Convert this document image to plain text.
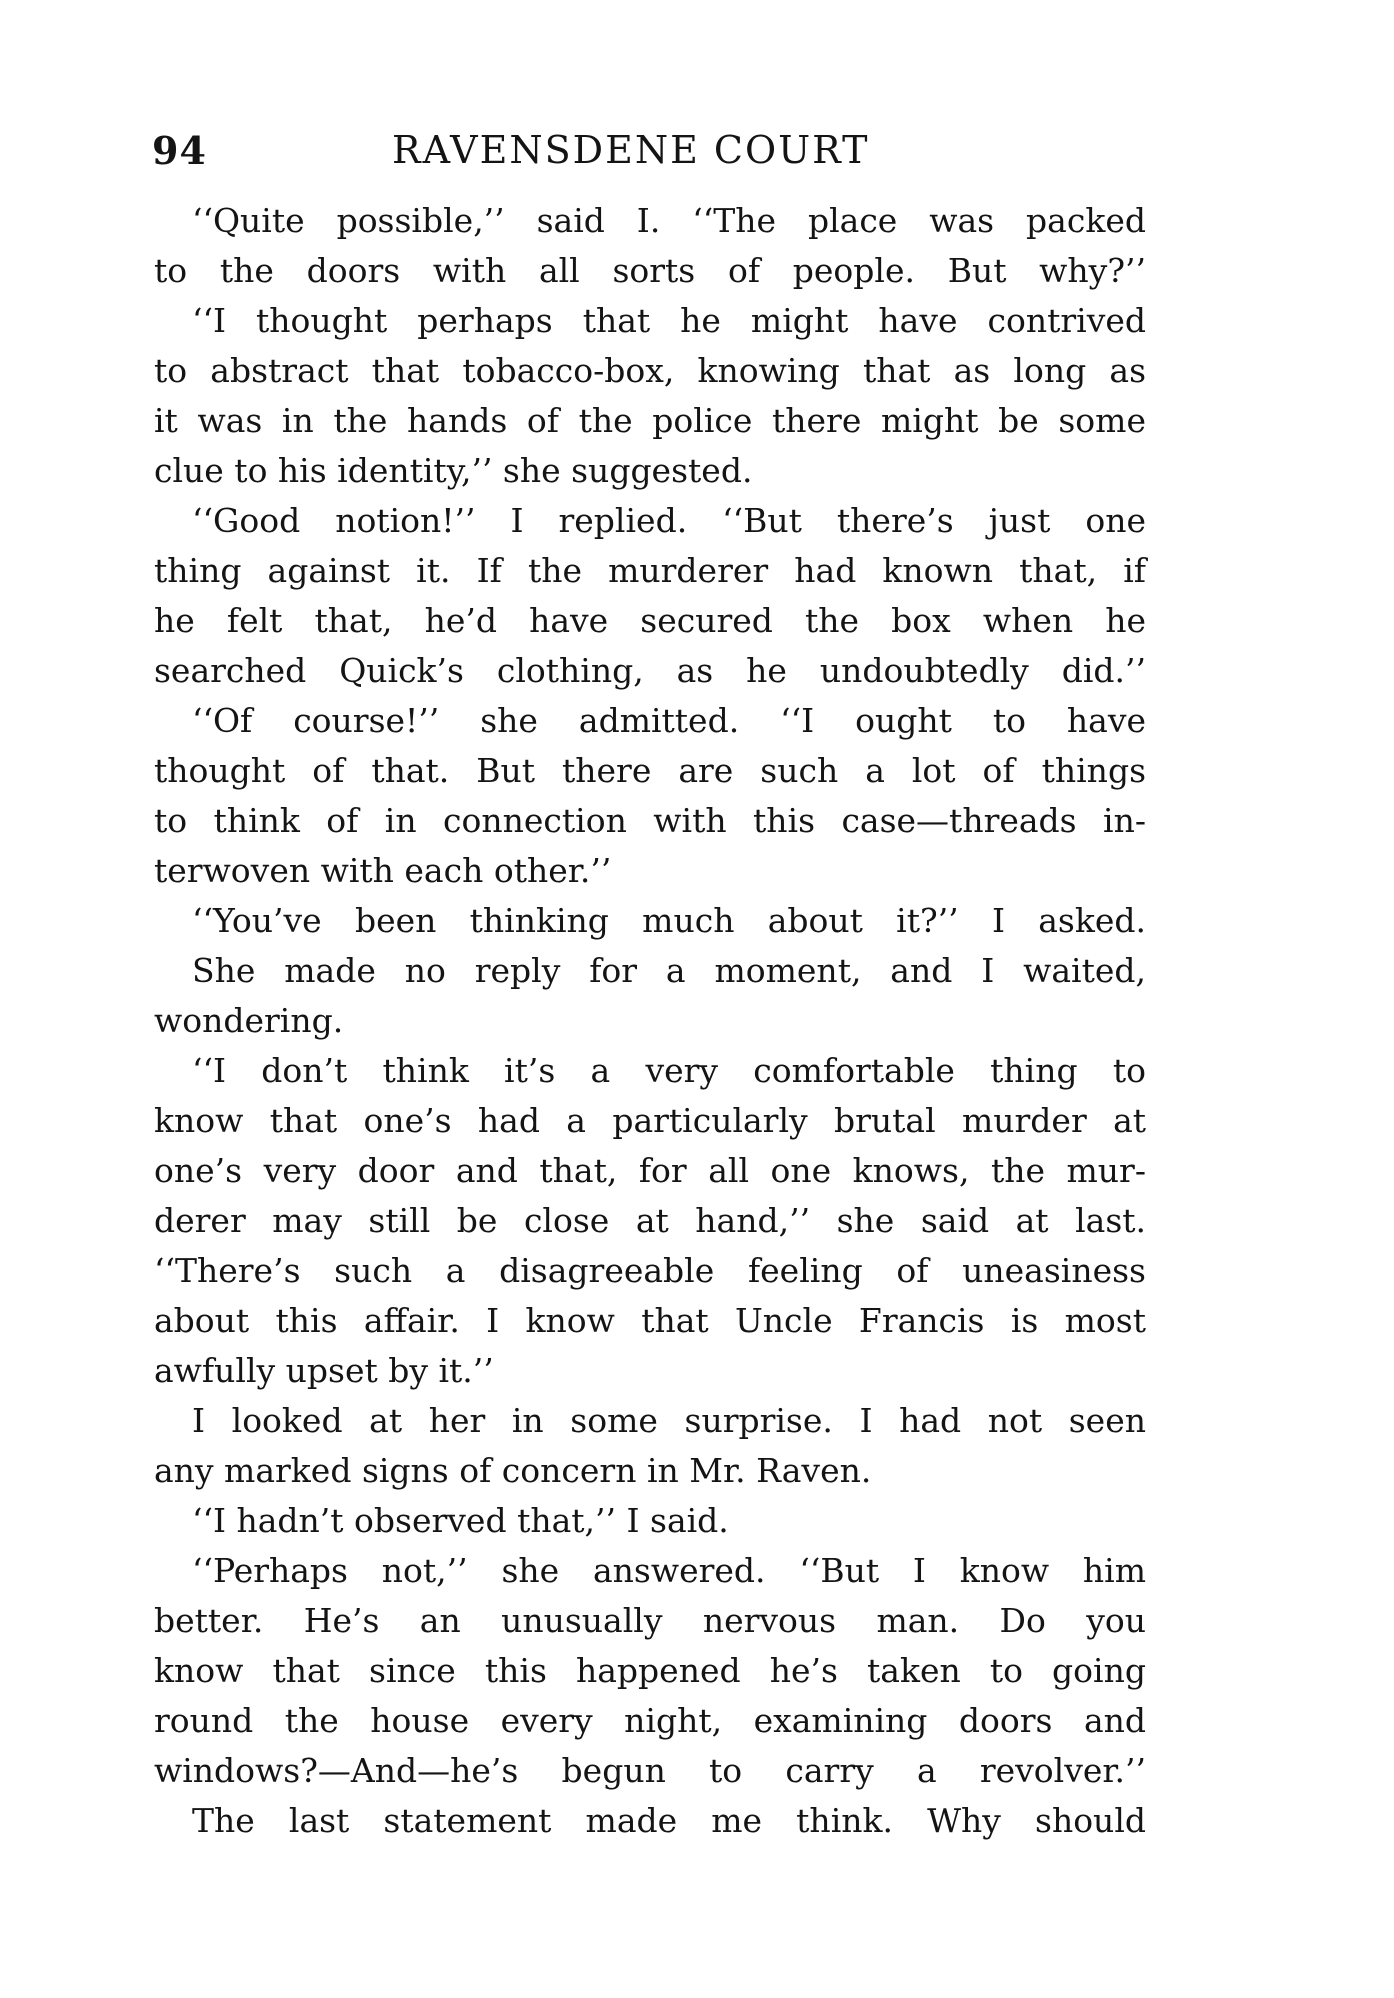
94	RAVENSDENE COURT
‘‘Quite possible,’’ said I. ‘‘The place was packed
to the doors with all sorts of people. But why?’’
‘‘I thought perhaps that he might have contrived
to abstract that tobacco-box, knowing that as long as
it was in the hands of the police there might be some
clue to his identity,’’ she suggested.
‘‘Good notion!’’ I replied. ‘‘But there’s just one
thing against it. If the murderer had known that, if
he felt that, he’d have secured the box when he
searched Quick’s clothing, as he undoubtedly did.’’
‘‘Of course!’’ she admitted. ‘‘I ought to have
thought of that. But there are such a lot of things
to think of in connection with this case—threads in-
terwoven with each other.’’
‘‘You’ve been thinking much about it?’’ I asked.
She made no reply for a moment, and I waited,
wondering.
‘‘I don’t think it’s a very comfortable thing to
know that one’s had a particularly brutal murder at
one’s very door and that, for all one knows, the mur-
derer may still be close at hand,’’ she said at last.
‘‘There’s such a disagreeable feeling of uneasiness
about this affair. I know that Uncle Francis is most
awfully upset by it.’’
I looked at her in some surprise. I had not seen
any marked signs of concern in Mr. Raven.
‘‘I hadn’t observed that,’’ I said.
‘‘Perhaps not,’’ she answered. ‘‘But I know him
better. He’s an unusually nervous man. Do you
know that since this happened he’s taken to going
round the house every night, examining doors and
windows?—And—he’s begun to carry a revolver.’’
The last statement made me think. Why should
